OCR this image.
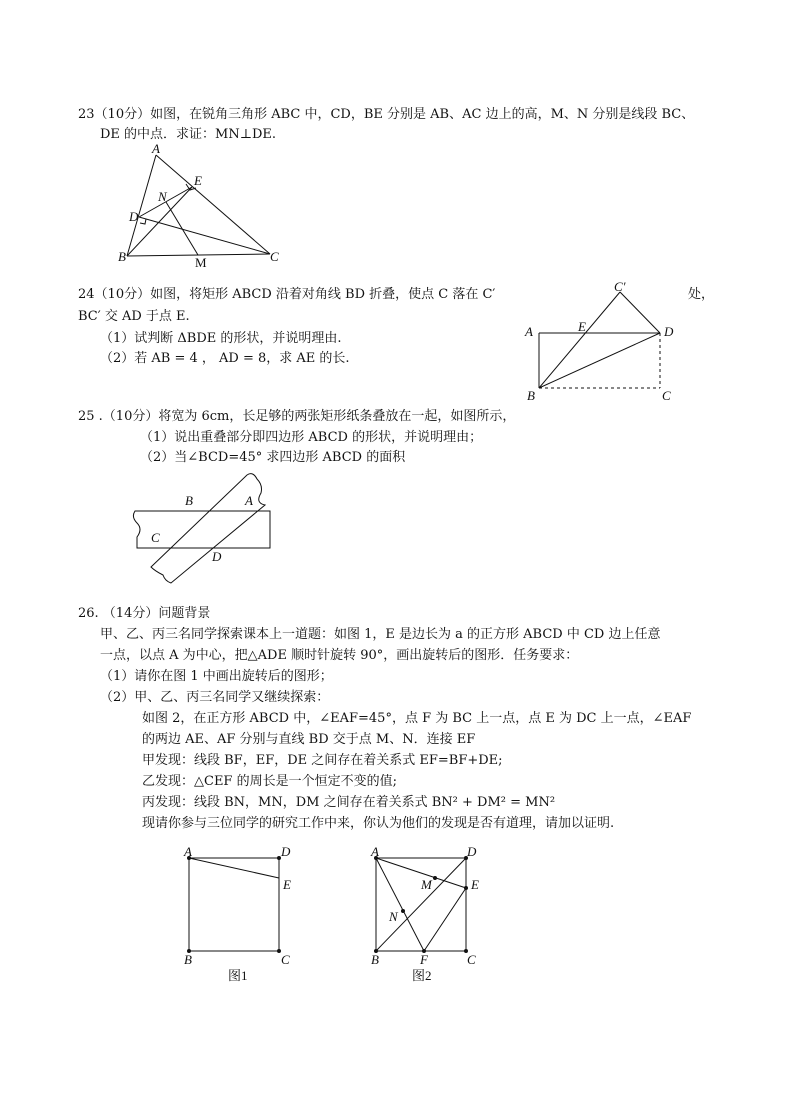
23（10分）如图，在锐角三角形 ABC 中，CD，BE 分别是 AB、AC 边上的高，M、N 分别是线段 BC、
DE 的中点．求证：MN⊥DE.
A
E
N
D
B	M	C
24（10分）如图，将矩形 ABCD 沿着对角线 BD 折叠，使点 C 落在 C′	处，
BC′ 交 AD 于点 E.
（1）试判断 ΔBDE 的形状，并说明理由.
（2）若 AB = 4 ， AD = 8，求 AE 的长.
C′
A	E	D
B	C
25 .（10分）将宽为 6cm，长足够的两张矩形纸条叠放在一起，如图所示，
（1）说出重叠部分即四边形 ABCD 的形状，并说明理由；
（2）当∠BCD=45° 求四边形 ABCD 的面积
B	A
C
D
26. （14分）问题背景
甲、乙、丙三名同学探索课本上一道题：如图 1，E 是边长为 a 的正方形 ABCD 中 CD 边上任意
一点，以点 A 为中心，把△ADE 顺时针旋转 90°，画出旋转后的图形．任务要求：
（1）请你在图 1 中画出旋转后的图形；
（2）甲、乙、丙三名同学又继续探索：
如图 2，在正方形 ABCD 中，∠EAF=45°，点 F 为 BC 上一点，点 E 为 DC 上一点，∠EAF
的两边 AE、AF 分别与直线 BD 交于点 M、N．连接 EF
甲发现：线段 BF，EF，DE 之间存在着关系式 EF=BF+DE;
乙发现：△CEF 的周长是一个恒定不变的值;
丙发现：线段 BN，MN，DM 之间存在着关系式 BN² + DM² = MN²
现请你参与三位同学的研究工作中来，你认为他们的发现是否有道理，请加以证明.
A	D
E
B	C
图1
A	D
M	E
N
B	F	C
图2
